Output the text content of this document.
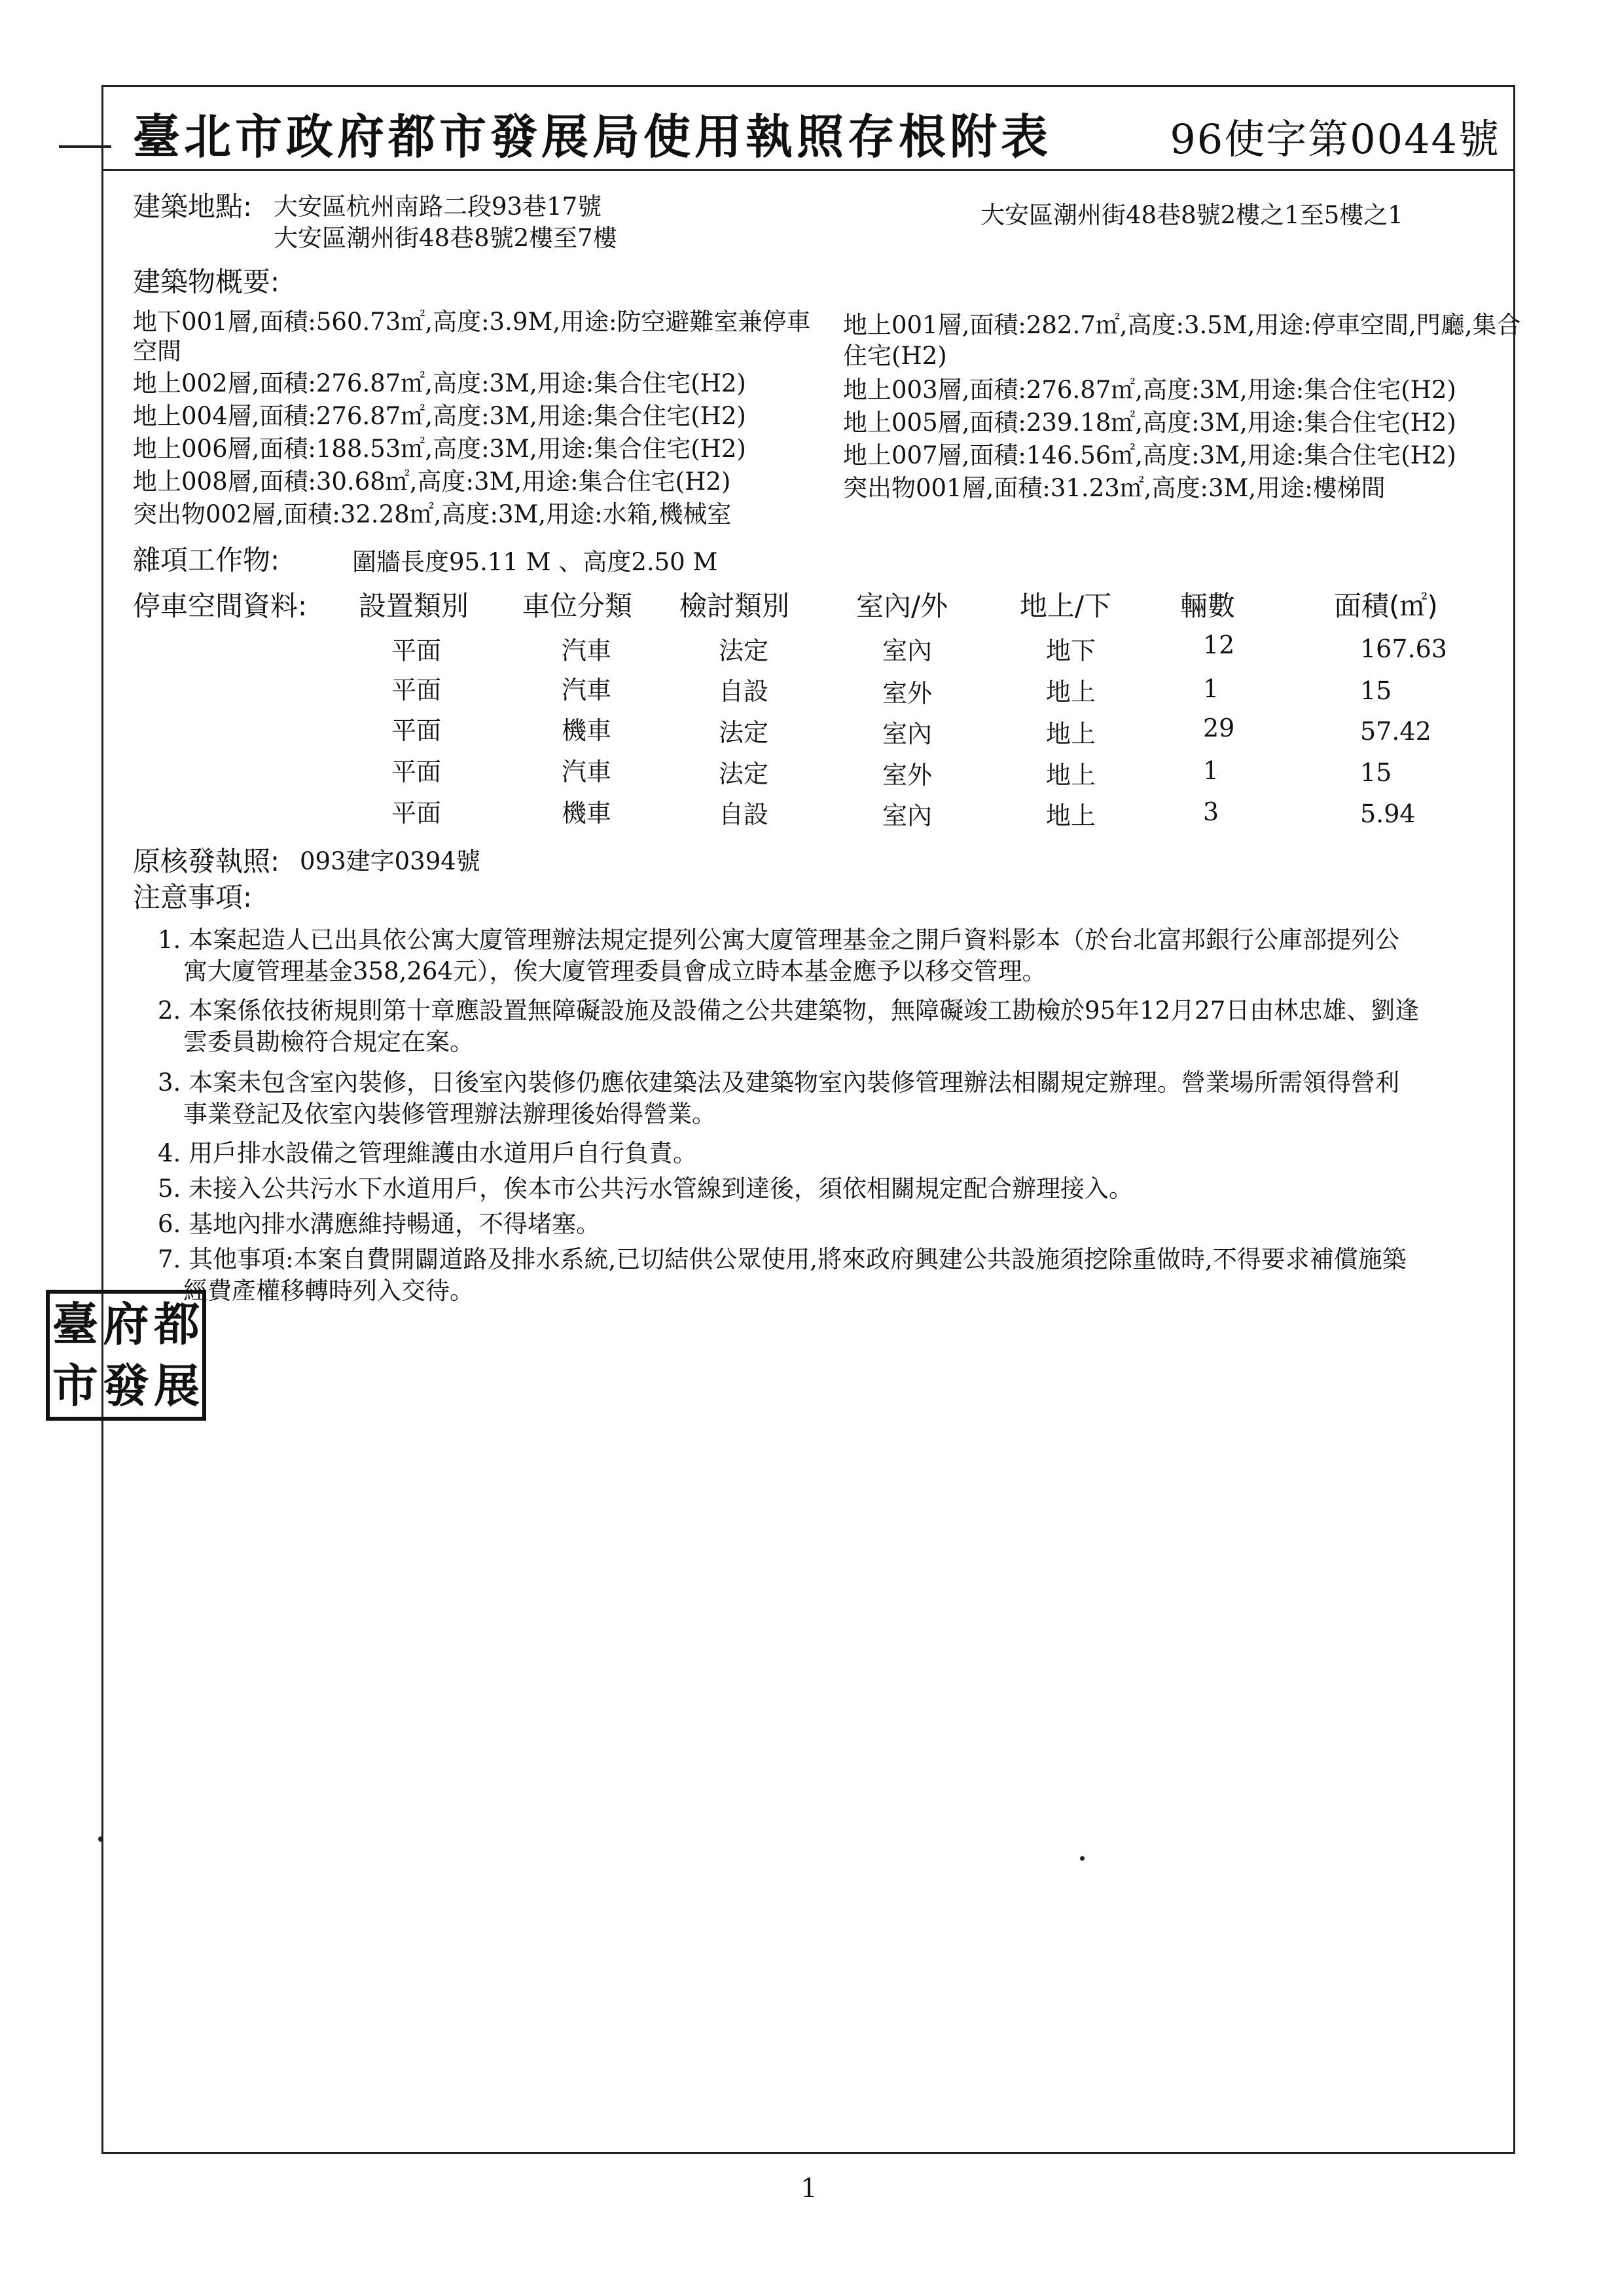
臺北市政府都市發展局使用執照存根附表	96使字第0044號
建築地點: 大安區杭州南路二段93巷17號
大安區潮州街48巷8號2樓至7樓
大安區潮州街48巷8號2樓之1至5樓之1
建築物概要:
地下001層,面積:560.73㎡,高度:3.9M,用途:防空避難室兼停車
空間
地上002層,面積:276.87㎡,高度:3M,用途:集合住宅(H2)
地上004層,面積:276.87㎡,高度:3M,用途:集合住宅(H2)
地上006層,面積:188.53㎡,高度:3M,用途:集合住宅(H2)
地上008層,面積:30.68㎡,高度:3M,用途:集合住宅(H2)
突出物002層,面積:32.28㎡,高度:3M,用途:水箱,機械室
地上001層,面積:282.7㎡,高度:3.5M,用途:停車空間,門廳,集合
住宅(H2)
地上003層,面積:276.87㎡,高度:3M,用途:集合住宅(H2)
地上005層,面積:239.18㎡,高度:3M,用途:集合住宅(H2)
地上007層,面積:146.56㎡,高度:3M,用途:集合住宅(H2)
突出物001層,面積:31.23㎡,高度:3M,用途:樓梯間
雜項工作物:	圍牆長度95.11 M 、高度2.50 M
停車空間資料: 設置類別 車位分類 檢討類別 室內/外	地上/下 輛數	面積(㎡)
平面	汽車	法定	室內	地下	12	167.63
平面	汽車	自設	室外	地上	1	15
平面	機車	法定	室內	地上	29	57.42
平面	汽車	法定	室外	地上	1	15
平面	機車	自設	室內	地上	3	5.94
原核發執照: 093建字0394號
注意事項:
1. 本案起造人已出具依公寓大廈管理辦法規定提列公寓大廈管理基金之開戶資料影本（於台北富邦銀行公庫部提列公
寓大廈管理基金358,264元），俟大廈管理委員會成立時本基金應予以移交管理。
2. 本案係依技術規則第十章應設置無障礙設施及設備之公共建築物，無障礙竣工勘檢於95年12月27日由林忠雄、劉逢
雲委員勘檢符合規定在案。
3. 本案未包含室內裝修，日後室內裝修仍應依建築法及建築物室內裝修管理辦法相關規定辦理。營業場所需領得營利
事業登記及依室內裝修管理辦法辦理後始得營業。
4. 用戶排水設備之管理維護由水道用戶自行負責。
5. 未接入公共污水下水道用戶，俟本市公共污水管線到達後，須依相關規定配合辦理接入。
6. 基地內排水溝應維持暢通，不得堵塞。
7. 其他事項:本案自費開闢道路及排水系統,已切結供公眾使用,將來政府興建公共設施須挖除重做時,不得要求補償施築
經費產權移轉時列入交待。
臺 府 都
市 發 展
1
